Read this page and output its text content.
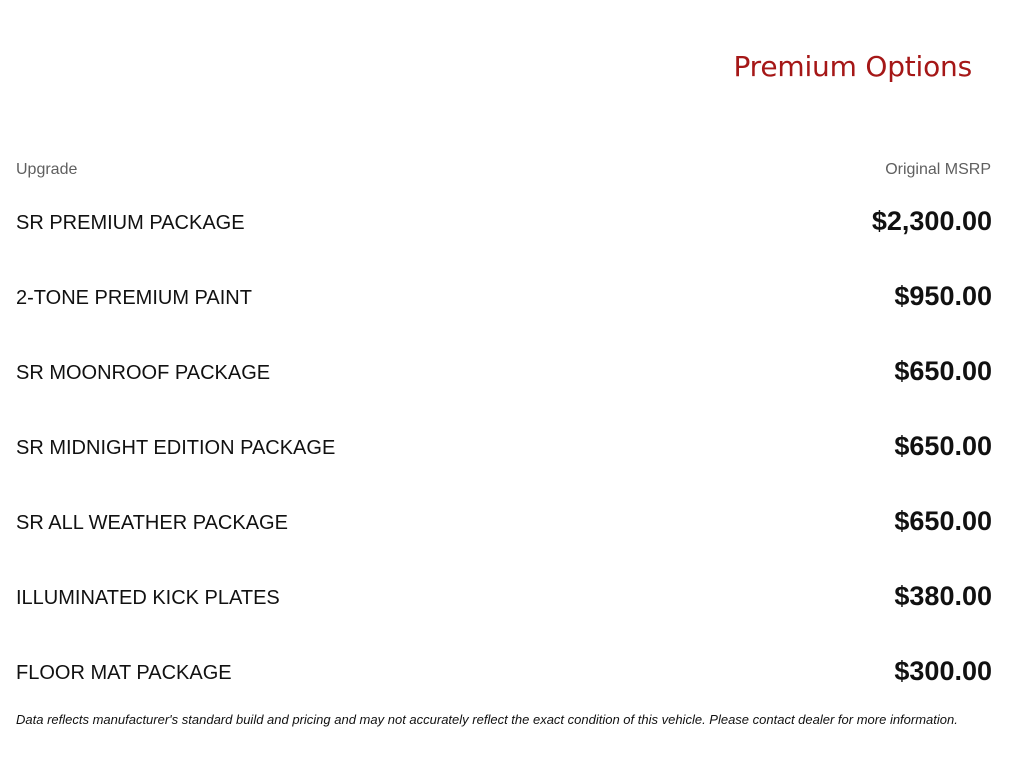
Premium Options
Upgrade	Original MSRP
SR PREMIUM PACKAGE	$2,300.00
2-TONE PREMIUM PAINT	$950.00
SR MOONROOF PACKAGE	$650.00
SR MIDNIGHT EDITION PACKAGE	$650.00
SR ALL WEATHER PACKAGE	$650.00
ILLUMINATED KICK PLATES	$380.00
FLOOR MAT PACKAGE	$300.00
Data reflects manufacturer's standard build and pricing and may not accurately reflect the exact condition of this vehicle. Please contact dealer for more information.
